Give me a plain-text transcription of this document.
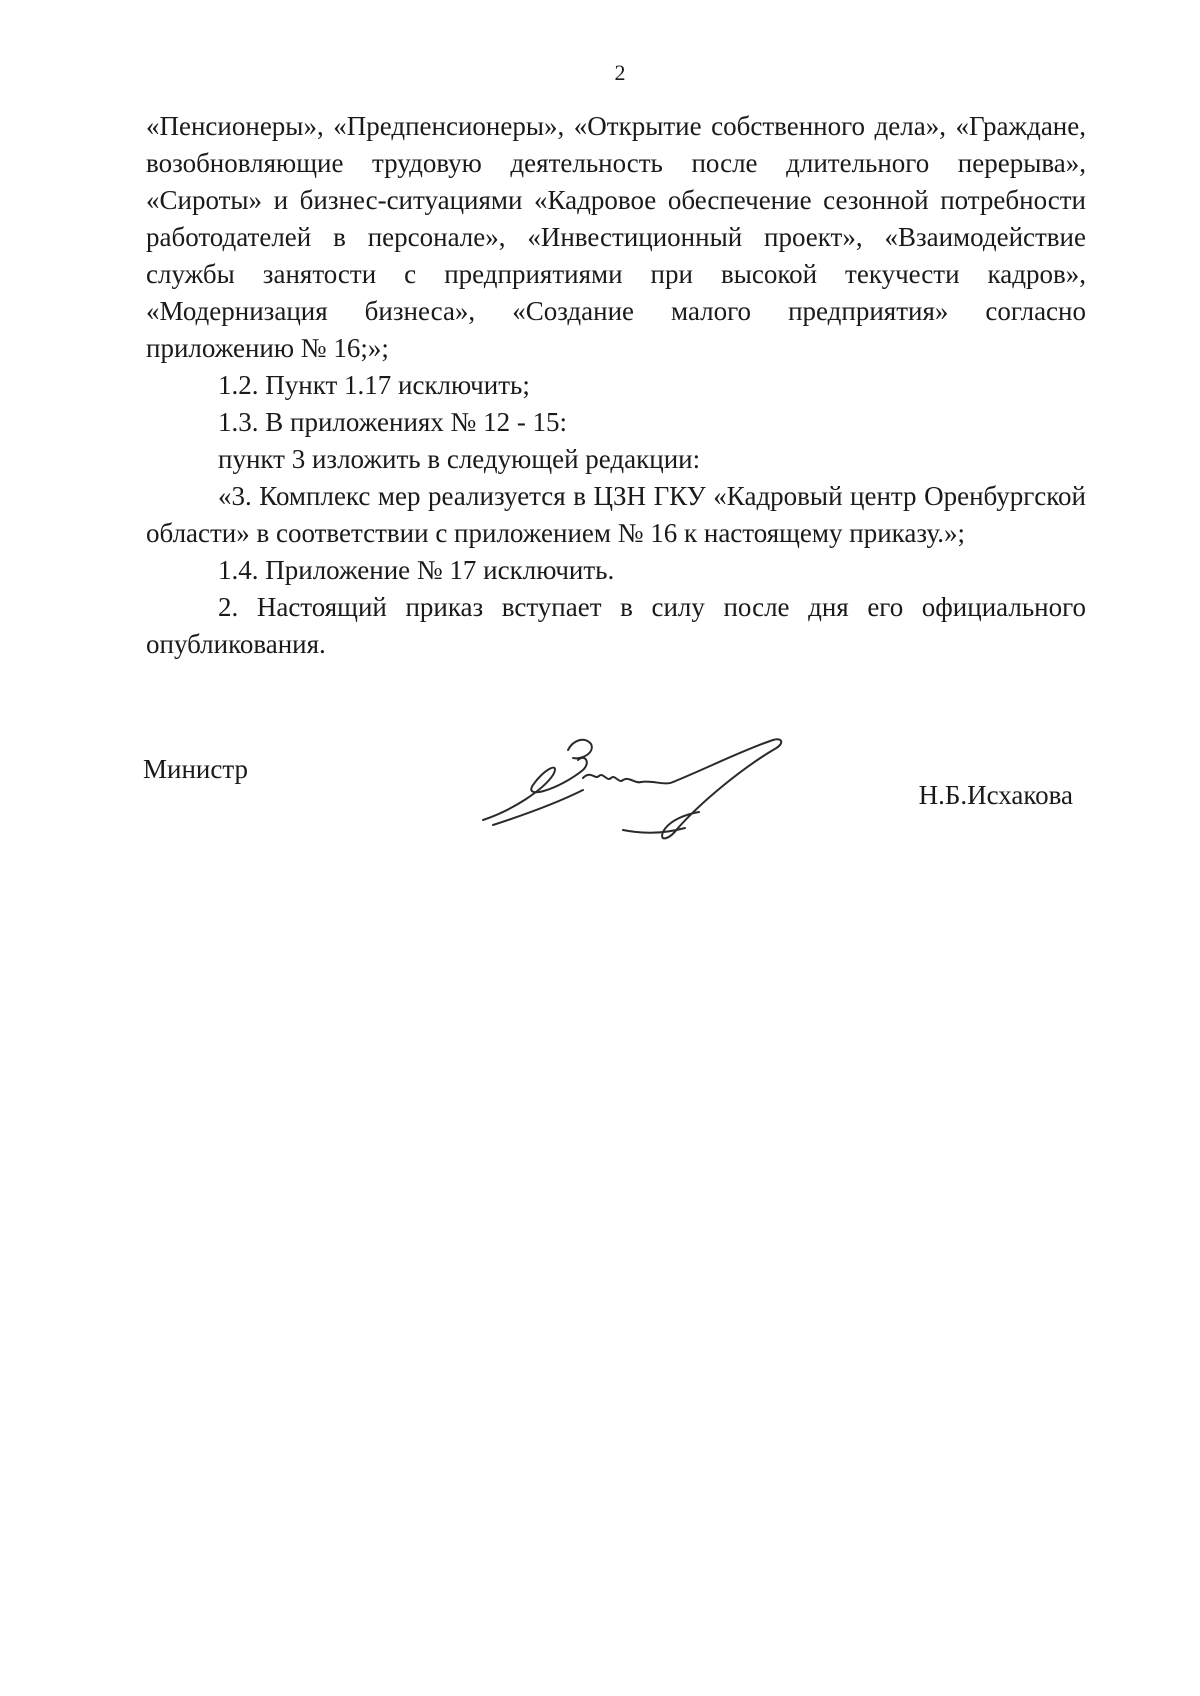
2

«Пенсионеры», «Предпенсионеры», «Открытие собственного дела», «Граждане, возобновляющие трудовую деятельность после длительного перерыва», «Сироты» и бизнес-ситуациями «Кадровое обеспечение сезонной потребности работодателей в персонале», «Инвестиционный проект», «Взаимодействие службы занятости с предприятиями при высокой текучести кадров», «Модернизация бизнеса», «Создание малого предприятия» согласно приложению № 16;»;

1.2. Пункт 1.17 исключить;

1.3. В приложениях № 12 - 15:

пункт 3 изложить в следующей редакции:

«3. Комплекс мер реализуется в ЦЗН ГКУ «Кадровый центр Оренбургской области» в соответствии с приложением № 16 к настоящему приказу.»;

1.4. Приложение № 17 исключить.

2. Настоящий приказ вступает в силу после дня его официального опубликования.

Министр
Н.Б.Исхакова
